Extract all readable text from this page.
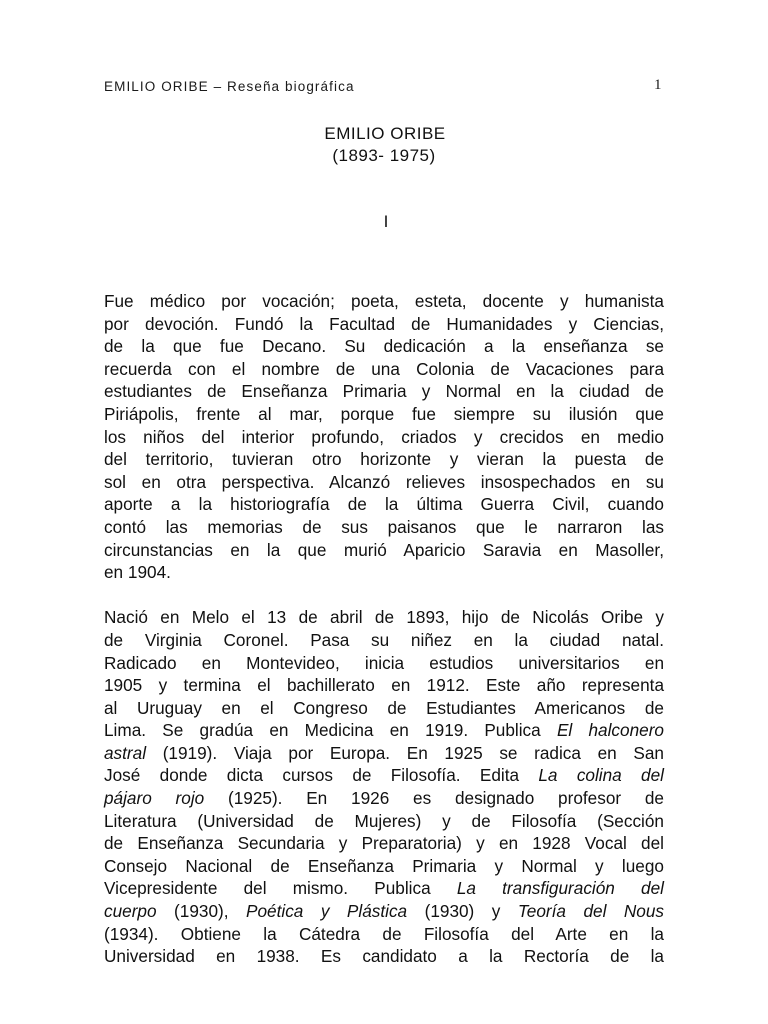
EMILIO ORIBE – Reseña biográfica	1
EMILIO ORIBE
(1893- 1975)
I

Fue médico por vocación; poeta, esteta, docente y humanista
por devoción. Fundó la Facultad de Humanidades y Ciencias,
de la que fue Decano. Su dedicación a la enseñanza se
recuerda con el nombre de una Colonia de Vacaciones para
estudiantes de Enseñanza Primaria y Normal en la ciudad de
Piriápolis, frente al mar, porque fue siempre su ilusión que
los niños del interior profundo, criados y crecidos en medio
del territorio, tuvieran otro horizonte y vieran la puesta de
sol en otra perspectiva. Alcanzó relieves insospechados en su
aporte a la historiografía de la última Guerra Civil, cuando
contó las memorias de sus paisanos que le narraron las
circunstancias en la que murió Aparicio Saravia en Masoller,
en 1904.

Nació en Melo el 13 de abril de 1893, hijo de Nicolás Oribe y
de Virginia Coronel. Pasa su niñez en la ciudad natal.
Radicado en Montevideo, inicia estudios universitarios en
1905 y termina el bachillerato en 1912. Este año representa
al Uruguay en el Congreso de Estudiantes Americanos de
Lima. Se gradúa en Medicina en 1919. Publica El halconero
astral (1919). Viaja por Europa. En 1925 se radica en San
José donde dicta cursos de Filosofía. Edita La colina del
pájaro rojo (1925). En 1926 es designado profesor de
Literatura (Universidad de Mujeres) y de Filosofía (Sección
de Enseñanza Secundaria y Preparatoria) y en 1928 Vocal del
Consejo Nacional de Enseñanza Primaria y Normal y luego
Vicepresidente del mismo. Publica La transfiguración del
cuerpo (1930), Poética y Plástica (1930) y Teoría del Nous
(1934). Obtiene la Cátedra de Filosofía del Arte en la
Universidad en 1938. Es candidato a la Rectoría de la
